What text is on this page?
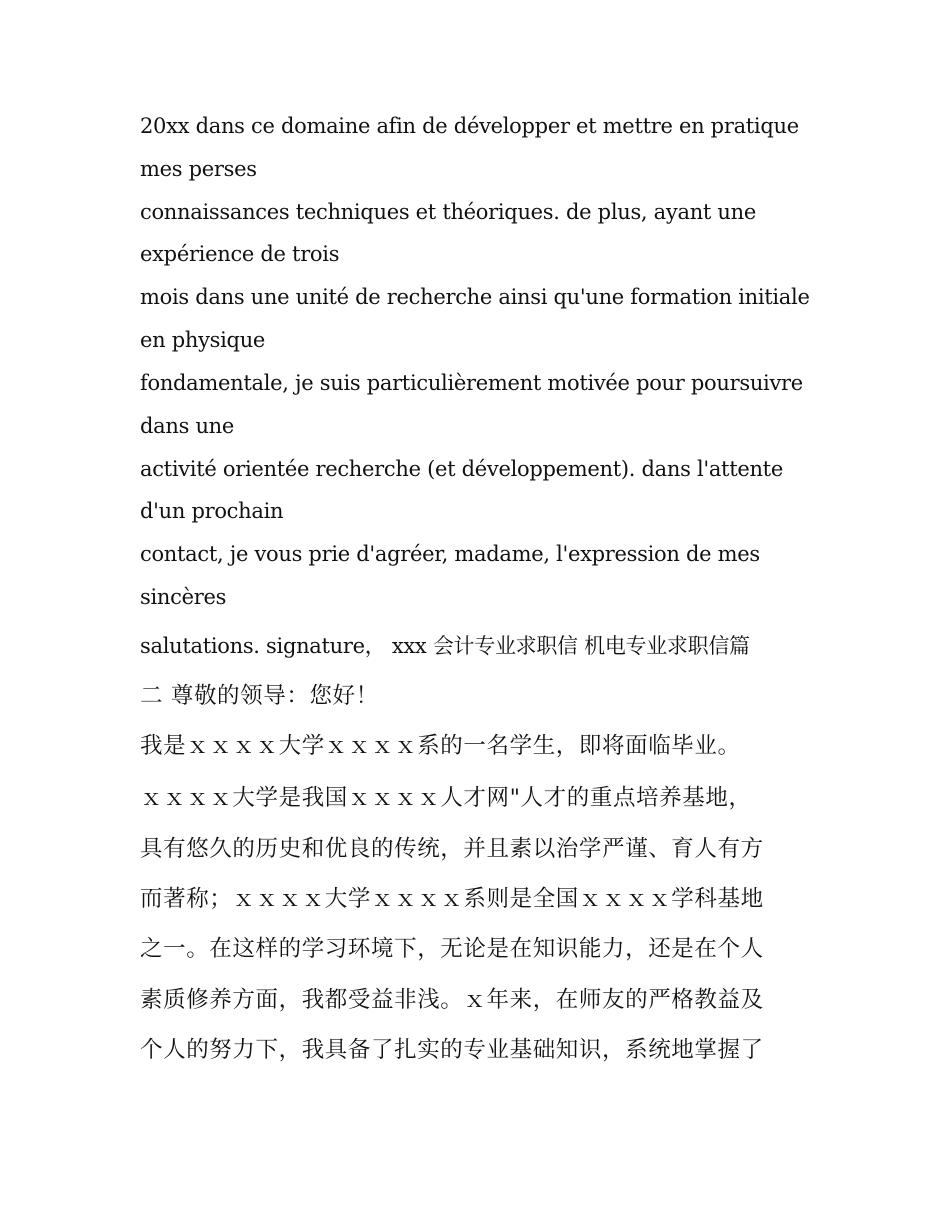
20xx dans ce domaine afin de développer et mettre en pratique
mes perses
connaissances techniques et théoriques. de plus, ayant une
expérience de trois
mois dans une unité de recherche ainsi qu'une formation initiale
en physique
fondamentale, je suis particulièrement motivée pour poursuivre
dans une
activité orientée recherche (et développement). dans l'attente
d'un prochain
contact, je vous prie d'agréer, madame, l'expression de mes
sincères
salutations. signature， xxx 会计专业求职信 机电专业求职信篇
二 尊敬的领导：您好！
我是ｘｘｘｘ大学ｘｘｘｘ系的一名学生，即将面临毕业。
ｘｘｘｘ大学是我国ｘｘｘｘ人才网"人才的重点培养基地，
具有悠久的历史和优良的传统，并且素以治学严谨、育人有方
而著称；ｘｘｘｘ大学ｘｘｘｘ系则是全国ｘｘｘｘ学科基地
之一。在这样的学习环境下，无论是在知识能力，还是在个人
素质修养方面，我都受益非浅。ｘ年来，在师友的严格教益及
个人的努力下，我具备了扎实的专业基础知识，系统地掌握了
